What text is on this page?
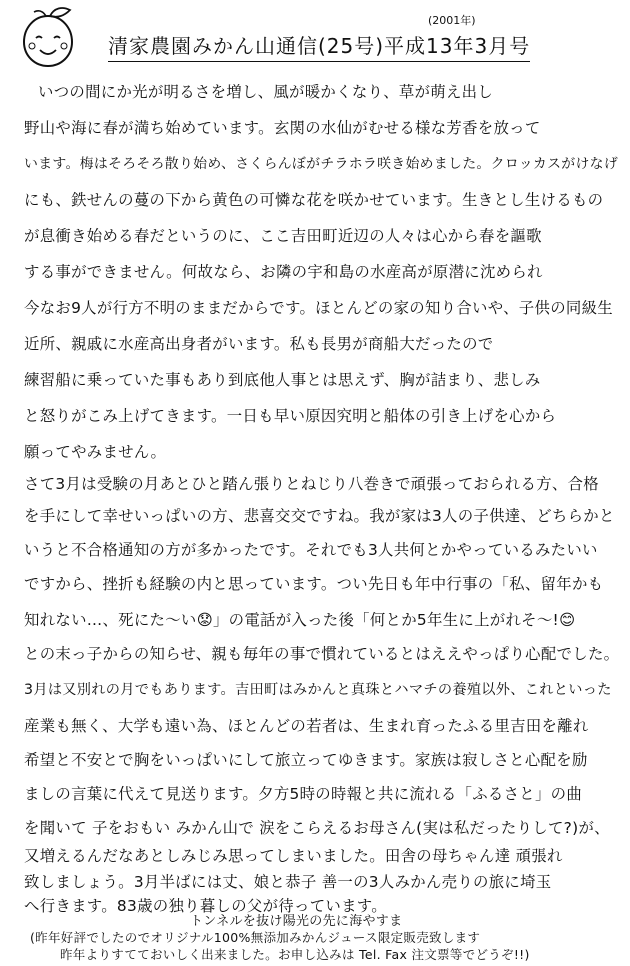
(2001年)
清家農園みかん山通信(25号)平成13年3月号
いつの間にか光が明るさを増し、風が暖かくなり、草が萌え出し
野山や海に春が満ち始めています。玄関の水仙がむせる様な芳香を放って
います。梅はそろそろ散り始め、さくらんぼがチラホラ咲き始めました。クロッカスがけなげ
にも、鉄せんの蔓の下から黄色の可憐な花を咲かせています。生きとし生けるもの
が息衝き始める春だというのに、ここ吉田町近辺の人々は心から春を謳歌
する事ができません。何故なら、お隣の宇和島の水産高が原潜に沈められ
今なお9人が行方不明のままだからです。ほとんどの家の知り合いや、子供の同級生
近所、親戚に水産高出身者がいます。私も長男が商船大だったので
練習船に乗っていた事もあり到底他人事とは思えず、胸が詰まり、悲しみ
と怒りがこみ上げてきます。一日も早い原因究明と船体の引き上げを心から
願ってやみません。
さて3月は受験の月あとひと踏ん張りとねじり八巻きで頑張っておられる方、合格
を手にして幸せいっぱいの方、悲喜交交ですね。我が家は3人の子供達、どちらかと
いうと不合格通知の方が多かったです。それでも3人共何とかやっているみたいい
ですから、挫折も経験の内と思っています。つい先日も年中行事の「私、留年かも
知れない…、死にた～い😟」の電話が入った後「何とか5年生に上がれそ～!😊
との末っ子からの知らせ、親も毎年の事で慣れているとはええやっぱり心配でした。
3月は又別れの月でもあります。吉田町はみかんと真珠とハマチの養殖以外、これといった
産業も無く、大学も遠い為、ほとんどの若者は、生まれ育ったふる里吉田を離れ
希望と不安とで胸をいっぱいにして旅立ってゆきます。家族は寂しさと心配を励
ましの言葉に代えて見送ります。夕方5時の時報と共に流れる「ふるさと」の曲
を聞いて 子をおもい みかん山で 涙をこらえるお母さん(実は私だったりして?)が、
又増えるんだなあとしみじみ思ってしまいました。田舎の母ちゃん達 頑張れ
致しましょう。3月半ばには丈、娘と恭子 善一の3人みかん売りの旅に埼玉
へ行きます。83歳の独り暮しの父が待っています。
トンネルを抜け陽光の先に海やすま
(昨年好評でしたのでオリジナル100%無添加みかんジュース限定販売致します
昨年よりすてておいしく出来ました。お申し込みは Tel. Fax 注文票等でどうぞ!!)
